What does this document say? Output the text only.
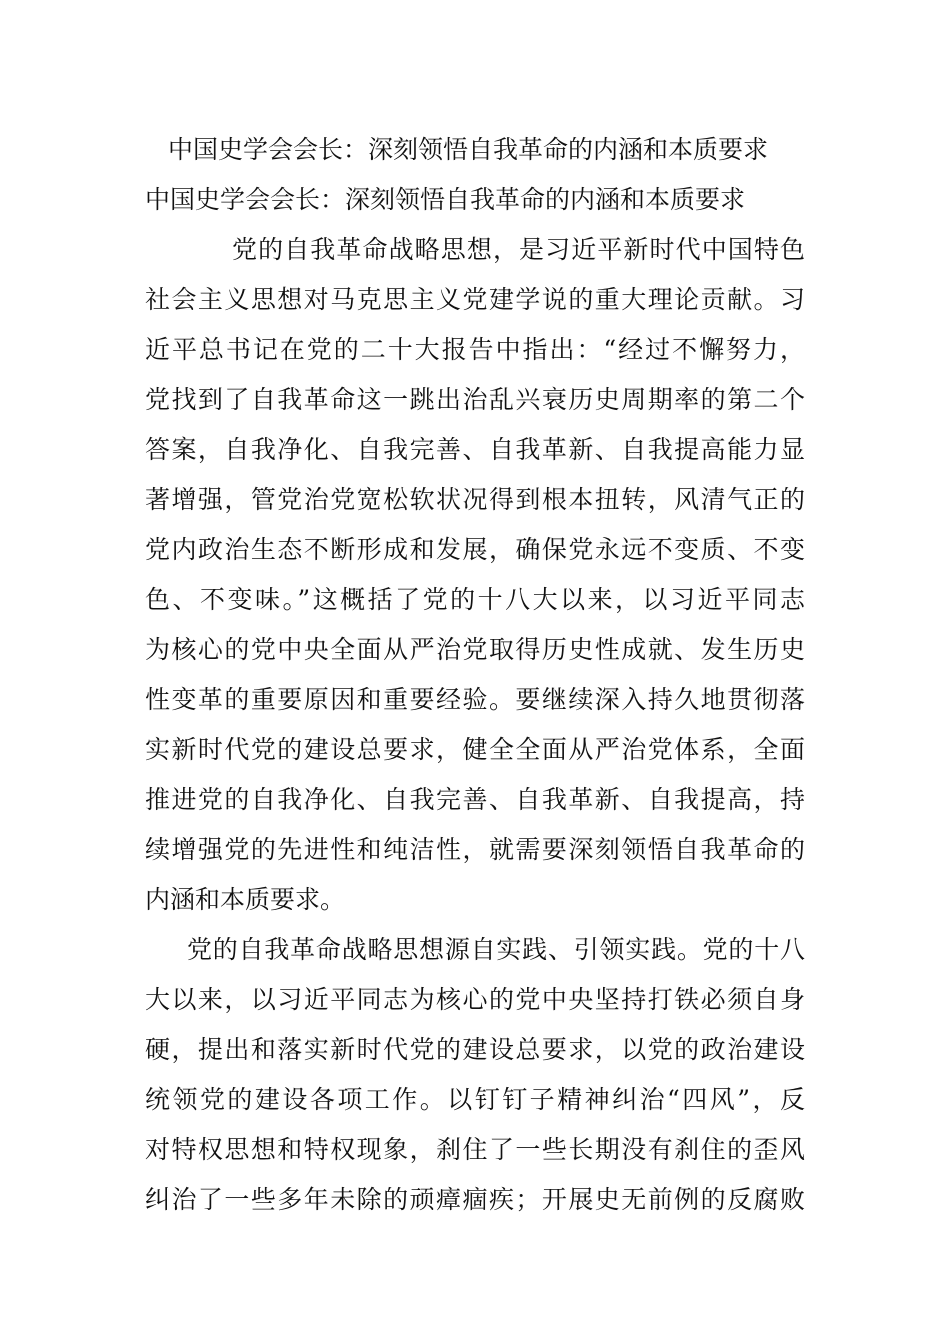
中国史学会会长：深刻领悟自我革命的内涵和本质要求
中国史学会会长：深刻领悟自我革命的内涵和本质要求
党的自我革命战略思想，是习近平新时代中国特色
社会主义思想对马克思主义党建学说的重大理论贡献。习
近平总书记在党的二十大报告中指出：“经过不懈努力，
党找到了自我革命这一跳出治乱兴衰历史周期率的第二个
答案，自我净化、自我完善、自我革新、自我提高能力显
著增强，管党治党宽松软状况得到根本扭转，风清气正的
党内政治生态不断形成和发展，确保党永远不变质、不变
色、不变味。”这概括了党的十八大以来，以习近平同志
为核心的党中央全面从严治党取得历史性成就、发生历史
性变革的重要原因和重要经验。要继续深入持久地贯彻落
实新时代党的建设总要求，健全全面从严治党体系，全面
推进党的自我净化、自我完善、自我革新、自我提高，持
续增强党的先进性和纯洁性，就需要深刻领悟自我革命的
内涵和本质要求。
党的自我革命战略思想源自实践、引领实践。党的十八
大以来，以习近平同志为核心的党中央坚持打铁必须自身
硬，提出和落实新时代党的建设总要求，以党的政治建设
统领党的建设各项工作。以钉钉子精神纠治“四风”，反
对特权思想和特权现象，刹住了一些长期没有刹住的歪风
纠治了一些多年未除的顽瘴痼疾；开展史无前例的反腐败
